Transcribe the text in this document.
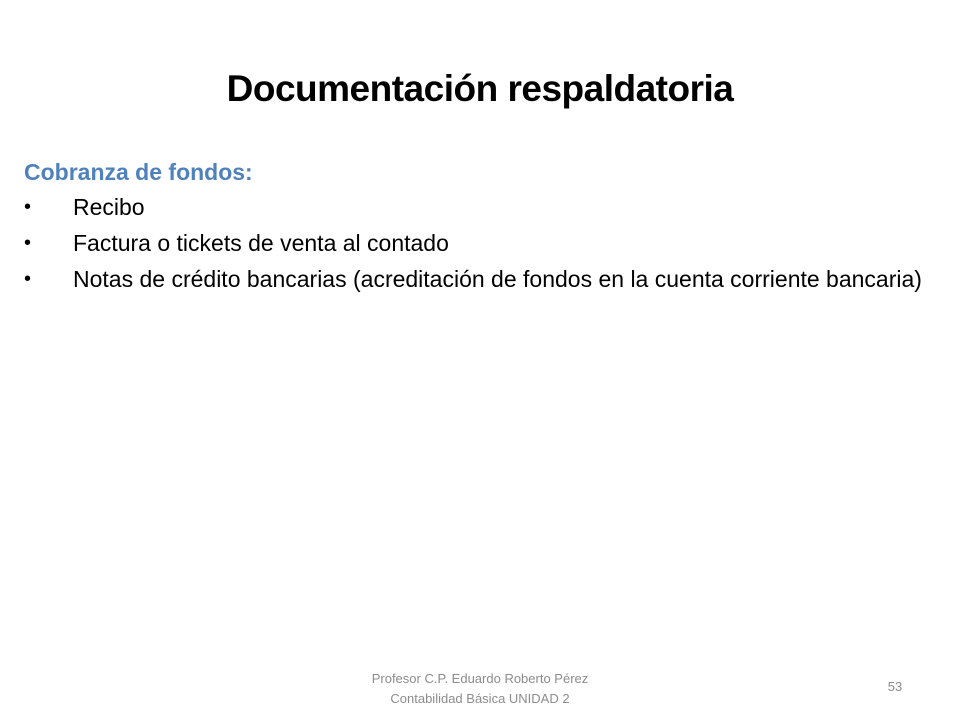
Documentación respaldatoria

Cobranza de fondos:

•	Recibo
•	Factura o tickets de venta al contado
•	Notas de crédito bancarias (acreditación de fondos en la cuenta corriente bancaria)
Profesor C.P. Eduardo Roberto Pérez
Contabilidad Básica UNIDAD 2
53
